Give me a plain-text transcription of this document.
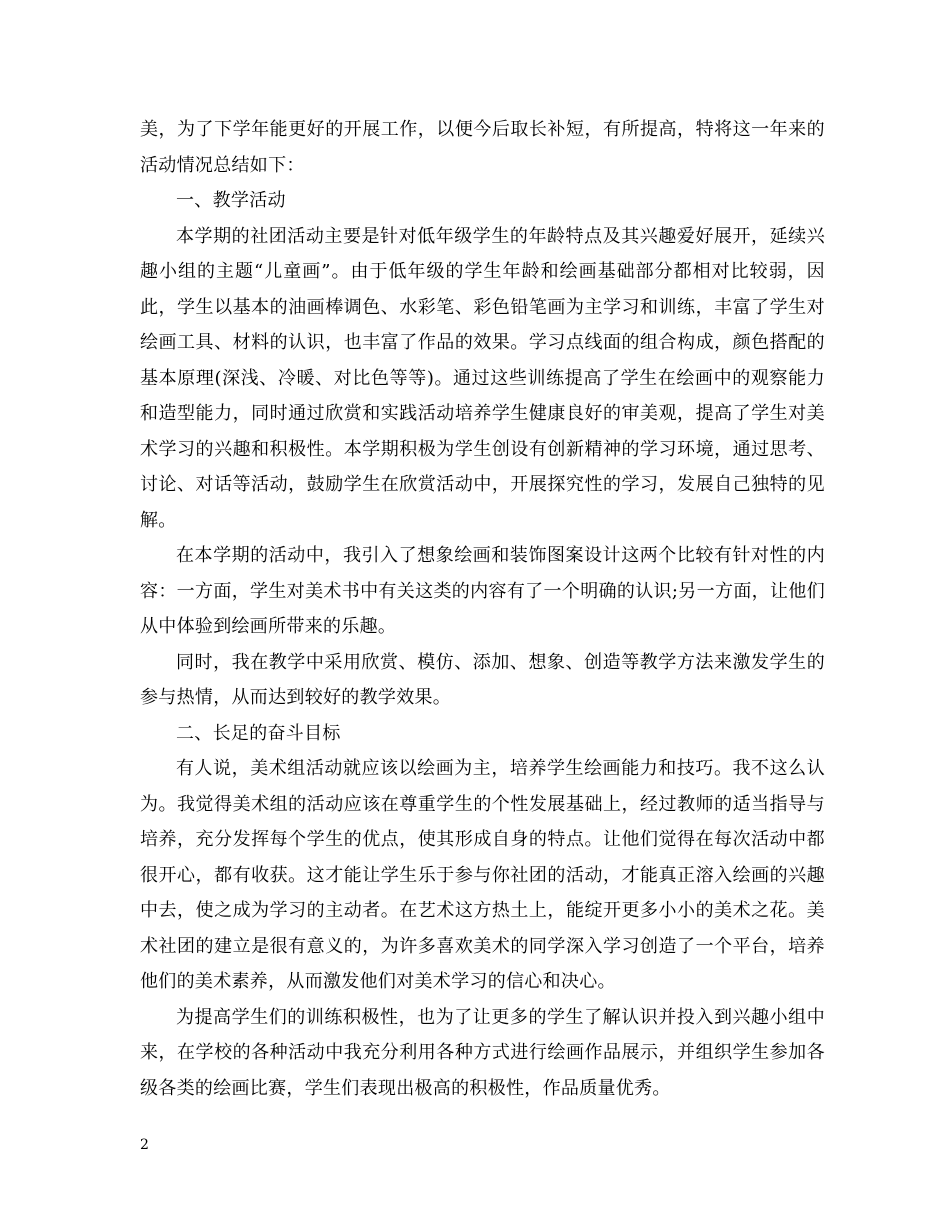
美，为了下学年能更好的开展工作，以便今后取长补短，有所提高，特将这一年来的活动情况总结如下：

一、教学活动

本学期的社团活动主要是针对低年级学生的年龄特点及其兴趣爱好展开，延续兴趣小组的主题“儿童画”。由于低年级的学生年龄和绘画基础部分都相对比较弱，因此，学生以基本的油画棒调色、水彩笔、彩色铅笔画为主学习和训练，丰富了学生对绘画工具、材料的认识，也丰富了作品的效果。学习点线面的组合构成，颜色搭配的基本原理(深浅、冷暖、对比色等等)。通过这些训练提高了学生在绘画中的观察能力和造型能力，同时通过欣赏和实践活动培养学生健康良好的审美观，提高了学生对美术学习的兴趣和积极性。本学期积极为学生创设有创新精神的学习环境，通过思考、讨论、对话等活动，鼓励学生在欣赏活动中，开展探究性的学习，发展自己独特的见解。

在本学期的活动中，我引入了想象绘画和装饰图案设计这两个比较有针对性的内容：一方面，学生对美术书中有关这类的内容有了一个明确的认识;另一方面，让他们从中体验到绘画所带来的乐趣。

同时，我在教学中采用欣赏、模仿、添加、想象、创造等教学方法来激发学生的参与热情，从而达到较好的教学效果。

二、长足的奋斗目标

有人说，美术组活动就应该以绘画为主，培养学生绘画能力和技巧。我不这么认为。我觉得美术组的活动应该在尊重学生的个性发展基础上，经过教师的适当指导与培养，充分发挥每个学生的优点，使其形成自身的特点。让他们觉得在每次活动中都很开心，都有收获。这才能让学生乐于参与你社团的活动，才能真正溶入绘画的兴趣中去，使之成为学习的主动者。在艺术这方热土上，能绽开更多小小的美术之花。美术社团的建立是很有意义的，为许多喜欢美术的同学深入学习创造了一个平台，培养他们的美术素养，从而激发他们对美术学习的信心和决心。

为提高学生们的训练积极性，也为了让更多的学生了解认识并投入到兴趣小组中来，在学校的各种活动中我充分利用各种方式进行绘画作品展示，并组织学生参加各级各类的绘画比赛，学生们表现出极高的积极性，作品质量优秀。

2
